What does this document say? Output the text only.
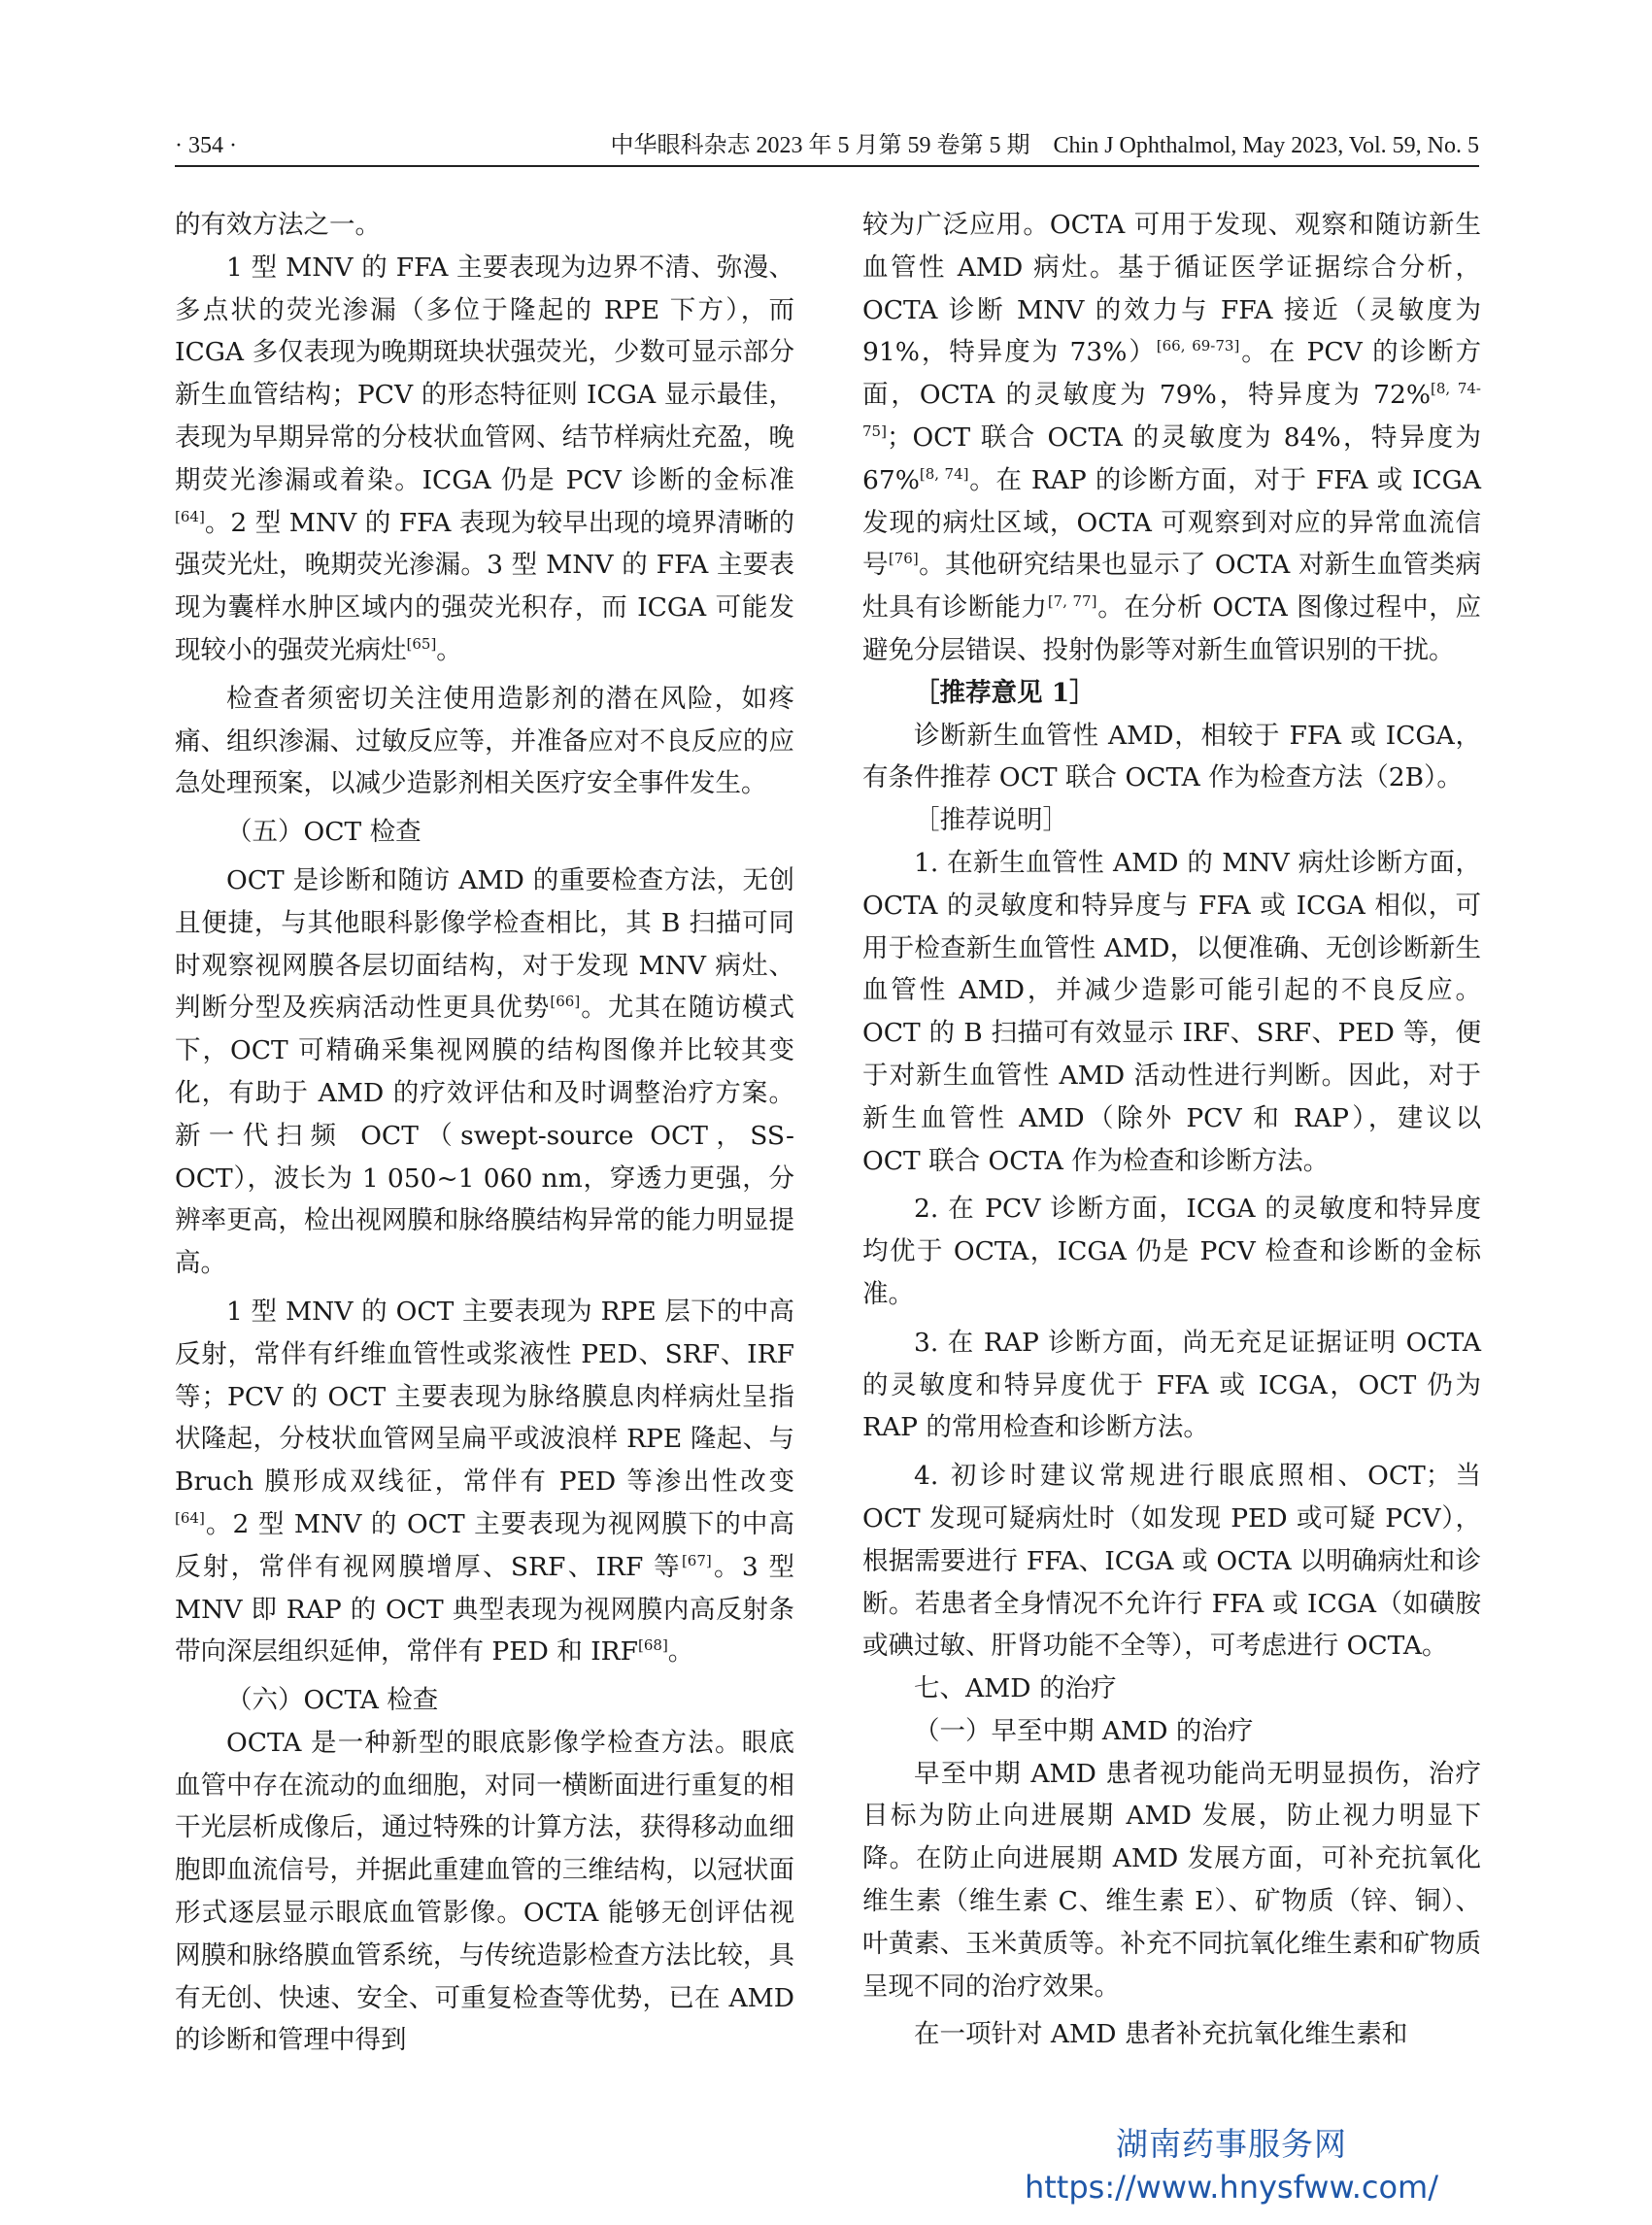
· 354 ·	中华眼科杂志 2023 年 5 月第 59 卷第 5 期　Chin J Ophthalmol, May 2023, Vol. 59, No. 5

的有效方法之一。

1 型 MNV 的 FFA 主要表现为边界不清、弥漫、多点状的荧光渗漏（多位于隆起的 RPE 下方），而 ICGA 多仅表现为晚期斑块状强荧光，少数可显示部分新生血管结构；PCV 的形态特征则 ICGA 显示最佳，表现为早期异常的分枝状血管网、结节样病灶充盈，晚期荧光渗漏或着染。ICGA 仍是 PCV 诊断的金标准[64]。2 型 MNV 的 FFA 表现为较早出现的境界清晰的强荧光灶，晚期荧光渗漏。3 型 MNV 的 FFA 主要表现为囊样水肿区域内的强荧光积存，而 ICGA 可能发现较小的强荧光病灶[65]。

检查者须密切关注使用造影剂的潜在风险，如疼痛、组织渗漏、过敏反应等，并准备应对不良反应的应急处理预案，以减少造影剂相关医疗安全事件发生。

（五）OCT 检查

OCT 是诊断和随访 AMD 的重要检查方法，无创且便捷，与其他眼科影像学检查相比，其 B 扫描可同时观察视网膜各层切面结构，对于发现 MNV 病灶、判断分型及疾病活动性更具优势[66]。尤其在随访模式下，OCT 可精确采集视网膜的结构图像并比较其变化，有助于 AMD 的疗效评估和及时调整治疗方案。新一代扫频 OCT（swept-source OCT，SS-OCT），波长为 1 050~1 060 nm，穿透力更强，分辨率更高，检出视网膜和脉络膜结构异常的能力明显提高。

1 型 MNV 的 OCT 主要表现为 RPE 层下的中高反射，常伴有纤维血管性或浆液性 PED、SRF、IRF 等；PCV 的 OCT 主要表现为脉络膜息肉样病灶呈指状隆起，分枝状血管网呈扁平或波浪样 RPE 隆起、与 Bruch 膜形成双线征，常伴有 PED 等渗出性改变[64]。2 型 MNV 的 OCT 主要表现为视网膜下的中高反射，常伴有视网膜增厚、SRF、IRF 等[67]。3 型 MNV 即 RAP 的 OCT 典型表现为视网膜内高反射条带向深层组织延伸，常伴有 PED 和 IRF[68]。

（六）OCTA 检查

OCTA 是一种新型的眼底影像学检查方法。眼底血管中存在流动的血细胞，对同一横断面进行重复的相干光层析成像后，通过特殊的计算方法，获得移动血细胞即血流信号，并据此重建血管的三维结构，以冠状面形式逐层显示眼底血管影像。OCTA 能够无创评估视网膜和脉络膜血管系统，与传统造影检查方法比较，具有无创、快速、安全、可重复检查等优势，已在 AMD 的诊断和管理中得到

较为广泛应用。OCTA 可用于发现、观察和随访新生血管性 AMD 病灶。基于循证医学证据综合分析，OCTA 诊断 MNV 的效力与 FFA 接近（灵敏度为 91%，特异度为 73%）[66, 69-73]。在 PCV 的诊断方面，OCTA 的灵敏度为 79%，特异度为 72%[8, 74-75]；OCT 联合 OCTA 的灵敏度为 84%，特异度为 67%[8, 74]。在 RAP 的诊断方面，对于 FFA 或 ICGA 发现的病灶区域，OCTA 可观察到对应的异常血流信号[76]。其他研究结果也显示了 OCTA 对新生血管类病灶具有诊断能力[7, 77]。在分析 OCTA 图像过程中，应避免分层错误、投射伪影等对新生血管识别的干扰。

［推荐意见 1］

诊断新生血管性 AMD，相较于 FFA 或 ICGA，有条件推荐 OCT 联合 OCTA 作为检查方法（2B）。

［推荐说明］

1. 在新生血管性 AMD 的 MNV 病灶诊断方面，OCTA 的灵敏度和特异度与 FFA 或 ICGA 相似，可用于检查新生血管性 AMD，以便准确、无创诊断新生血管性 AMD，并减少造影可能引起的不良反应。OCT 的 B 扫描可有效显示 IRF、SRF、PED 等，便于对新生血管性 AMD 活动性进行判断。因此，对于新生血管性 AMD（除外 PCV 和 RAP），建议以 OCT 联合 OCTA 作为检查和诊断方法。

2. 在 PCV 诊断方面，ICGA 的灵敏度和特异度均优于 OCTA，ICGA 仍是 PCV 检查和诊断的金标准。

3. 在 RAP 诊断方面，尚无充足证据证明 OCTA 的灵敏度和特异度优于 FFA 或 ICGA，OCT 仍为 RAP 的常用检查和诊断方法。

4. 初诊时建议常规进行眼底照相、OCT；当 OCT 发现可疑病灶时（如发现 PED 或可疑 PCV），根据需要进行 FFA、ICGA 或 OCTA 以明确病灶和诊断。若患者全身情况不允许行 FFA 或 ICGA（如磺胺或碘过敏、肝肾功能不全等），可考虑进行 OCTA。

七、AMD 的治疗

（一）早至中期 AMD 的治疗

早至中期 AMD 患者视功能尚无明显损伤，治疗目标为防止向进展期 AMD 发展，防止视力明显下降。在防止向进展期 AMD 发展方面，可补充抗氧化维生素（维生素 C、维生素 E）、矿物质（锌、铜）、叶黄素、玉米黄质等。补充不同抗氧化维生素和矿物质呈现不同的治疗效果。

在一项针对 AMD 患者补充抗氧化维生素和

湖南药事服务网
https://www.hnysfww.com/
